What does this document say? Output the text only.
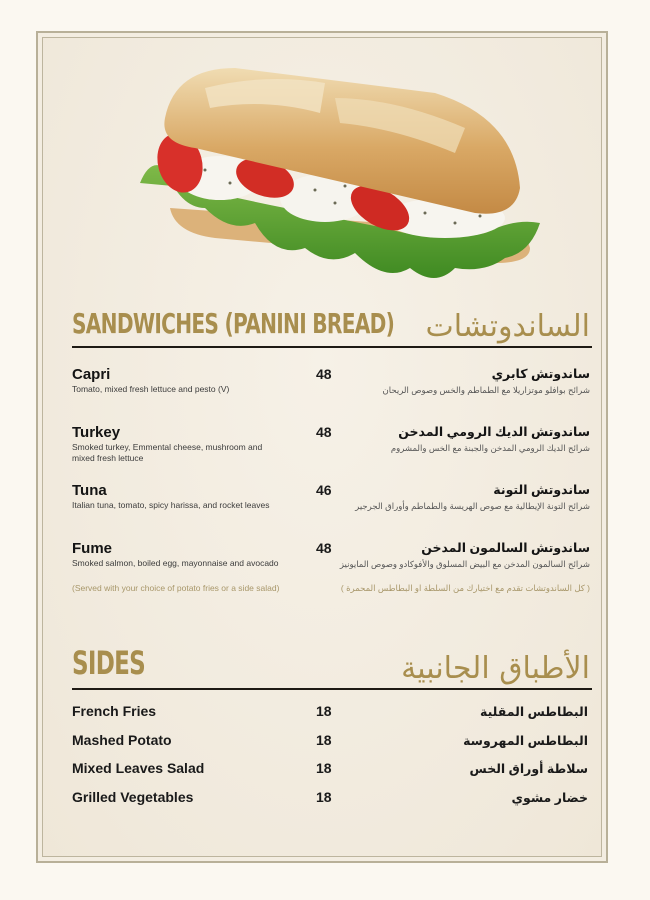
SANDWICHES (PANINI BREAD) الساندوتشات
Capri
Tomato, mixed fresh lettuce and pesto (V)
48	ساندوتش كابري
شرائح بوافلو موتزاريلا مع الطماطم والخس وصوص الريحان
Turkey
Smoked turkey, Emmental cheese, mushroom and mixed fresh lettuce
48	ساندوتش الديك الرومي المدخن
شرائح الديك الرومي المدخن والجبنة مع الخس والمشروم
Tuna
Italian tuna, tomato, spicy harissa, and rocket leaves
46	ساندوتش التونة
شرائح التونة الإيطالية مع صوص الهريسة والطماطم وأوراق الجرجير
Fume
Smoked salmon, boiled egg, mayonnaise and avocado
48	ساندوتش السالمون المدخن
شرائح السالمون المدخن مع البيض المسلوق والأفوكادو وصوص المايونيز
(Served with your choice of potato fries or a side salad)	( كل الساندوتشات تقدم مع اختيارك من السلطة او البطاطس المحمرة )
SIDES	الأطباق الجانبية
French Fries	18	البطاطس المقلية
Mashed Potato	18	البطاطس المهروسة
Mixed Leaves Salad	18	سلاطة أوراق الخس
Grilled Vegetables	18	خضار مشوي
